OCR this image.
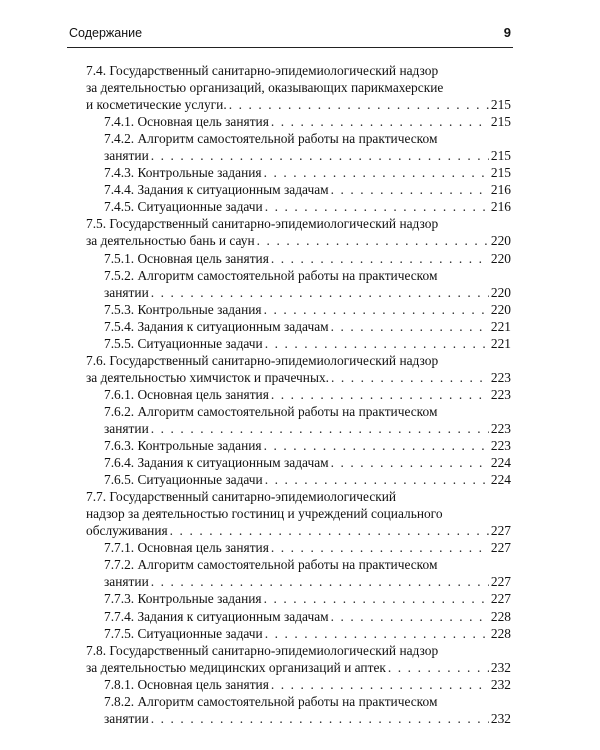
Содержание	9
7.4. Государственный санитарно-эпидемиологический надзор
за деятельностью организаций, оказывающих парикмахерские
и косметические услуги. . . .	215
7.4.1. Основная цель занятия . . .	215
7.4.2. Алгоритм самостоятельной работы на практическом
занятии . . .	215
7.4.3. Контрольные задания . . .	215
7.4.4. Задания к ситуационным задачам . . .	216
7.4.5. Ситуационные задачи . . .	216
7.5. Государственный санитарно-эпидемиологический надзор
за деятельностью бань и саун . . .	220
7.5.1. Основная цель занятия . . .	220
7.5.2. Алгоритм самостоятельной работы на практическом
занятии . . .	220
7.5.3. Контрольные задания . . .	220
7.5.4. Задания к ситуационным задачам . . .	221
7.5.5. Ситуационные задачи . . .	221
7.6. Государственный санитарно-эпидемиологический надзор
за деятельностью химчисток и прачечных. . . .	223
7.6.1. Основная цель занятия . . .	223
7.6.2. Алгоритм самостоятельной работы на практическом
занятии . . .	223
7.6.3. Контрольные задания . . .	223
7.6.4. Задания к ситуационным задачам . . .	224
7.6.5. Ситуационные задачи . . .	224
7.7. Государственный санитарно-эпидемиологический
надзор за деятельностью гостиниц и учреждений социального
обслуживания . . .	227
7.7.1. Основная цель занятия . . .	227
7.7.2. Алгоритм самостоятельной работы на практическом
занятии . . .	227
7.7.3. Контрольные задания . . .	227
7.7.4. Задания к ситуационным задачам . . .	228
7.7.5. Ситуационные задачи . . .	228
7.8. Государственный санитарно-эпидемиологический надзор
за деятельностью медицинских организаций и аптек . . .	232
7.8.1. Основная цель занятия . . .	232
7.8.2. Алгоритм самостоятельной работы на практическом
занятии . . .	232
